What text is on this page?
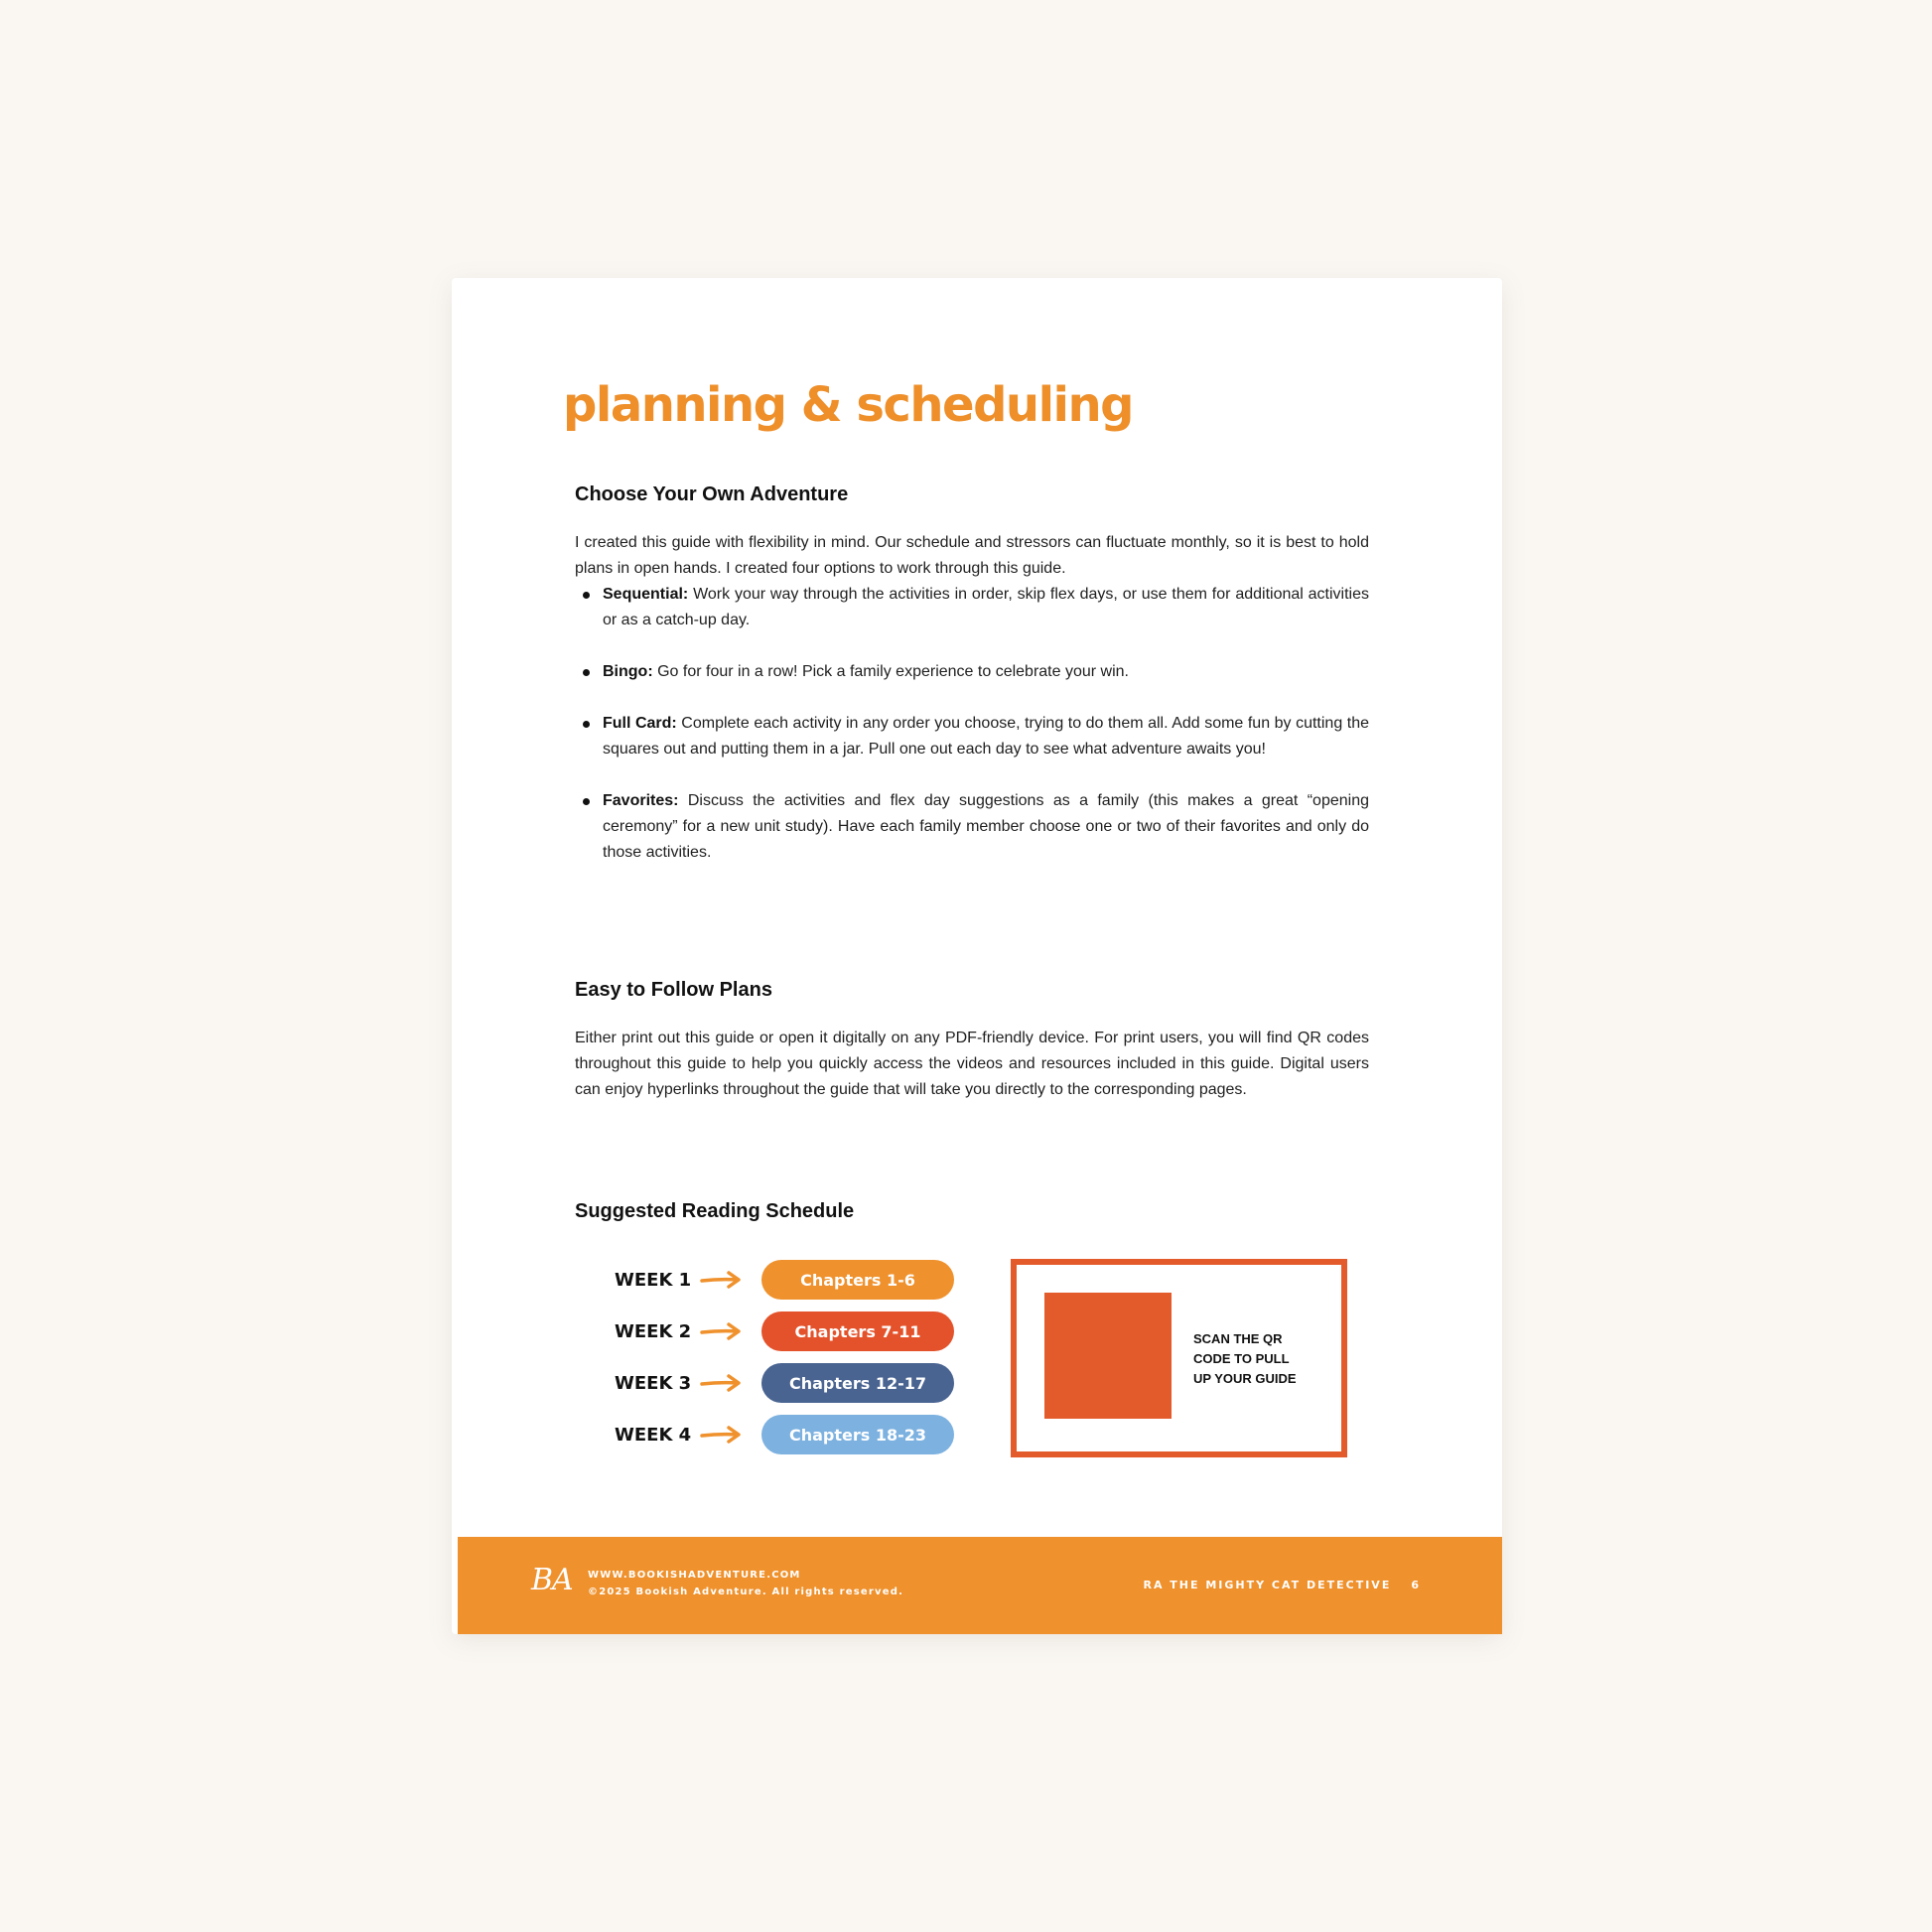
planning & scheduling
Choose Your Own Adventure

I created this guide with flexibility in mind. Our schedule and stressors can fluctuate monthly, so it is best to hold plans in open hands. I created four options to work through this guide.

Sequential: Work your way through the activities in order, skip flex days, or use them for additional activities or as a catch-up day.
Bingo: Go for four in a row! Pick a family experience to celebrate your win.
Full Card: Complete each activity in any order you choose, trying to do them all. Add some fun by cutting the squares out and putting them in a jar. Pull one out each day to see what adventure awaits you!
Favorites: Discuss the activities and flex day suggestions as a family (this makes a great “opening ceremony” for a new unit study). Have each family member choose one or two of their favorites and only do those activities.
Easy to Follow Plans

Either print out this guide or open it digitally on any PDF-friendly device. For print users, you will find QR codes throughout this guide to help you quickly access the videos and resources included in this guide. Digital users can enjoy hyperlinks throughout the guide that will take you directly to the corresponding pages.

Suggested Reading Schedule
WEEK 1	Chapters 1-6
WEEK 2	Chapters 7-11
WEEK 3	Chapters 12-17
WEEK 4	Chapters 18-23
SCAN THE QR
CODE TO PULL
UP YOUR GUIDE
BA WWW.BOOKISHADVENTURE.COM
©2025 Bookish Adventure. All rights reserved.
RA THE MIGHTY CAT DETECTIVE 6
